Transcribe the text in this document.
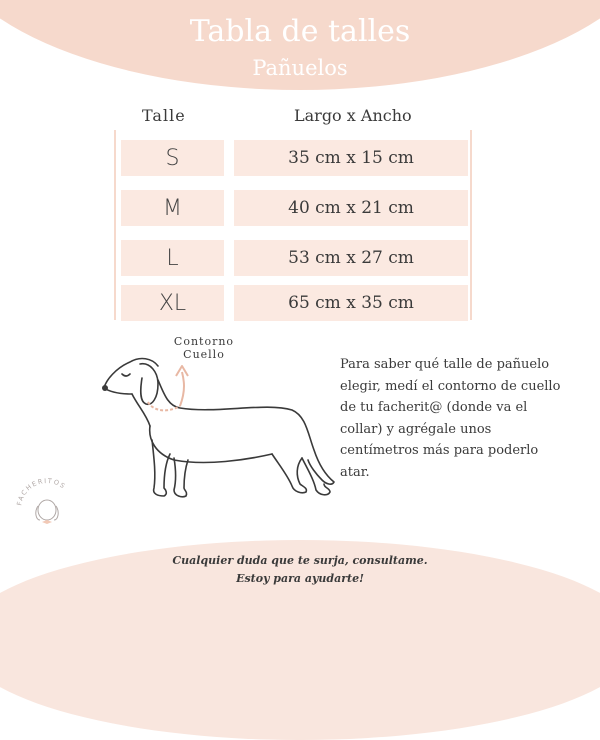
Tabla de talles
Pañuelos
Talle	Largo x Ancho
S	35 cm x 15 cm
M	40 cm x 21 cm
L	53 cm x 27 cm
XL	65 cm x 35 cm
Contorno
Cuello
Para saber qué talle de pañuelo elegir, medí el contorno de cuello de tu facherit@ (donde va el collar) y agrégale unos centímetros más para poderlo atar.
FACHERITOS
Cualquier duda que te surja, consultame.
Estoy para ayudarte!
